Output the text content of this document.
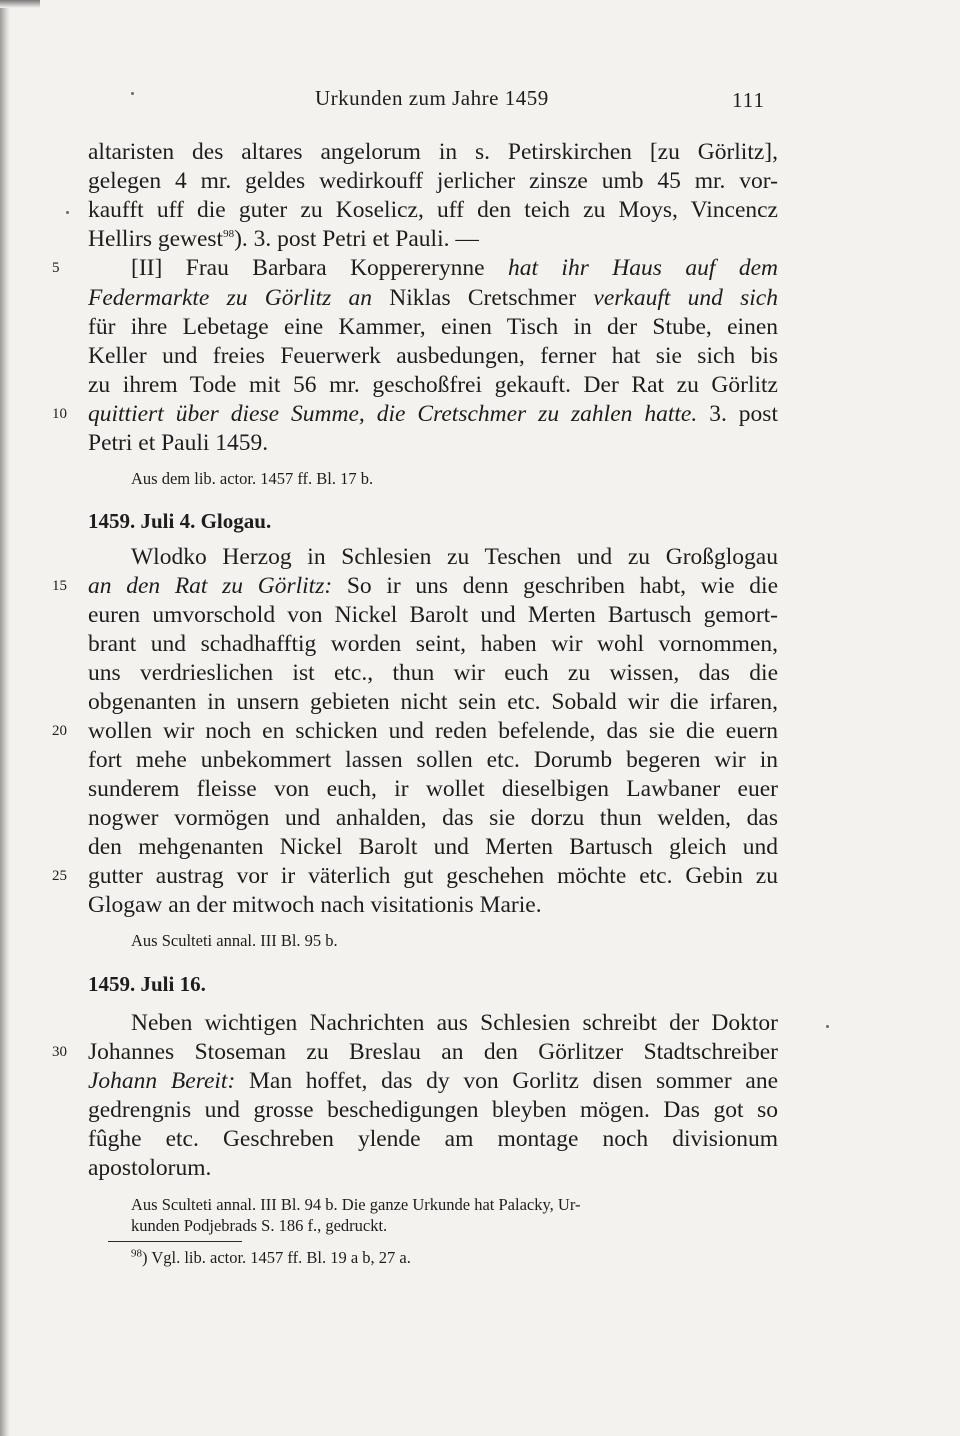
Urkunden zum Jahre 1459	111
altaristen des altares angelorum in s. Petirskirchen [zu Görlitz],
gelegen 4 mr. geldes wedirkouff jerlicher zinsze umb 45 mr. vor-
kaufft uff die guter zu Koselicz, uff den teich zu Moys, Vincencz
Hellirs gewest$^{98}$). 3. post Petri et Pauli. —
5	[II] Frau Barbara Koppererynne hat ihr Haus auf dem
Federmarkte zu Görlitz an Niklas Cretschmer verkauft und sich
für ihre Lebetage eine Kammer, einen Tisch in der Stube, einen
Keller und freies Feuerwerk ausbedungen, ferner hat sie sich bis
zu ihrem Tode mit 56 mr. geschoßfrei gekauft. Der Rat zu Görlitz
10 quittiert über diese Summe, die Cretschmer zu zahlen hatte. 3. post
Petri et Pauli 1459.
Aus dem lib. actor. 1457 ff. Bl. 17 b.
1459. Juli 4. Glogau.
Wlodko Herzog in Schlesien zu Teschen und zu Großglogau
15 an den Rat zu Görlitz: So ir uns denn geschriben habt, wie die
euren umvorschold von Nickel Barolt und Merten Bartusch gemort-
brant und schadhafftig worden seint, haben wir wohl vornommen,
uns verdrieslichen ist etc., thun wir euch zu wissen, das die
obgenanten in unsern gebieten nicht sein etc. Sobald wir die irfaren,
20 wollen wir noch en schicken und reden befelende, das sie die euern
fort mehe unbekommert lassen sollen etc. Dorumb begeren wir in
sunderem fleisse von euch, ir wollet dieselbigen Lawbaner euer
nogwer vormögen und anhalden, das sie dorzu thun welden, das
den mehgenanten Nickel Barolt und Merten Bartusch gleich und
25 gutter austrag vor ir väterlich gut geschehen möchte etc. Gebin zu
Glogaw an der mitwoch nach visitationis Marie.
Aus Sculteti annal. III Bl. 95 b.
1459. Juli 16.
Neben wichtigen Nachrichten aus Schlesien schreibt der Doktor
30 Johannes Stoseman zu Breslau an den Görlitzer Stadtschreiber
Johann Bereit: Man hoffet, das dy von Gorlitz disen sommer ane
gedrengnis und grosse beschedigungen bleyben mögen. Das got so
fûghe etc. Geschreben ylende am montage noch divisionum
apostolorum.
Aus Sculteti annal. III Bl. 94 b. Die ganze Urkunde hat Palacky, Ur-
kunden Podjebrads S. 186 f., gedruckt.
$^{98}$) Vgl. lib. actor. 1457 ff. Bl. 19 a b, 27 a.
